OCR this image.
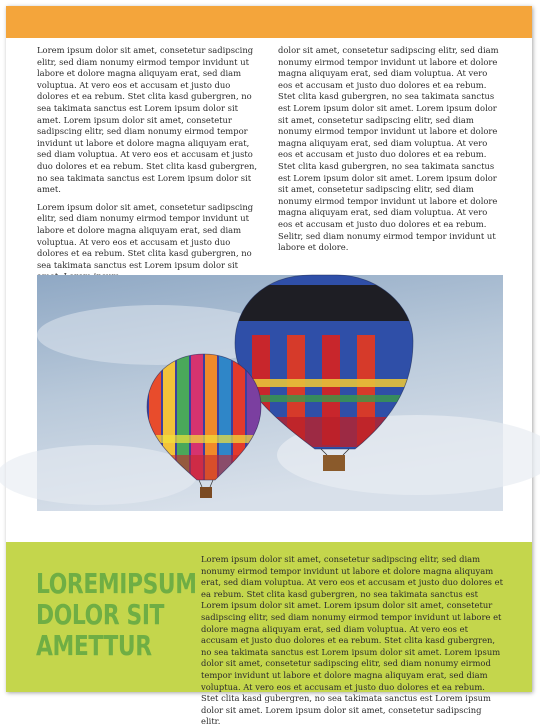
Lorem ipsum dolor sit amet, consetetur sadipscing elitr, sed diam nonumy eirmod tempor invidunt ut labore et dolore magna aliquyam erat, sed diam voluptua. At vero eos et accusam et justo duo dolores et ea rebum. Stet clita kasd gubergren, no sea takimata sanctus est Lorem ipsum dolor sit amet. Lorem ipsum dolor sit amet, consetetur sadipscing elitr, sed diam nonumy eirmod tempor invidunt ut labore et dolore magna aliquyam erat, sed diam voluptua. At vero eos et accusam et justo duo dolores et ea rebum. Stet clita kasd gubergren, no sea takimata sanctus est Lorem ipsum dolor sit amet.

Lorem ipsum dolor sit amet, consetetur sadipscing elitr, sed diam nonumy eirmod tempor invidunt ut labore et dolore magna aliquyam erat, sed diam voluptua. At vero eos et accusam et justo duo dolores et ea rebum. Stet clita kasd gubergren, no sea takimata sanctus est Lorem ipsum dolor sit

dolor sit amet, consetetur sadipscing elitr, sed diam nonumy eirmod tempor invidunt ut labore et dolore magna aliquyam erat, sed diam voluptua. At vero eos et accusam et justo duo dolores et ea rebum. Stet clita kasd gubergren, no sea takimata sanctus est Lorem ipsum dolor sit amet. Lorem ipsum dolor sit amet, consetetur sadipscing elitr, sed diam nonumy eirmod tempor invidunt ut labore et dolore magna aliquyam erat, sed diam voluptua. At vero eos et accusam et justo duo dolores et ea rebum. Stet clita kasd gubergren, no sea takimata sanctus est Lorem ipsum dolor sit amet. Lorem ipsum dolor sit amet, consetetur sadipscing elitr, sed diam nonumy eirmod tempor invidunt ut labore et dolore magna aliquyam erat, sed diam voluptua. At vero eos et accusam et justo duo dolores et ea rebum. Selitr, sed diam nonumy eirmod tempor invidunt ut labore et dolore.

LOREMIPSUM
DOLOR SIT
AMETTUR

Lorem ipsum dolor sit amet, consetetur sadipscing elitr, sed diam nonumy eirmod tempor invidunt ut labore et dolore magna aliquyam erat, sed diam voluptua. At vero eos et accusam et justo duo dolores et ea rebum. Stet clita kasd gubergren, no sea takimata sanctus est Lorem ipsum dolor sit amet. Lorem ipsum dolor sit amet, consetetur sadipscing elitr, sed diam nonumy eirmod tempor invidunt ut labore et dolore magna aliquyam erat, sed diam voluptua. At vero eos et accusam et justo duo dolores et ea rebum. Stet clita kasd gubergren, no sea takimata sanctus est Lorem ipsum dolor sit amet. Lorem ipsum dolor sit amet, consetetur sadipscing elitr, sed diam nonumy eirmod tempor invidunt ut labore et dolore magna aliquyam erat, sed diam voluptua. At vero eos et accusam et justo duo dolores et ea rebum. Stet clita kasd gubergren, no sea takimata sanctus est Lorem ipsum dolor sit amet. Lorem ipsum dolor sit amet, consetetur sadipscing elitr.
